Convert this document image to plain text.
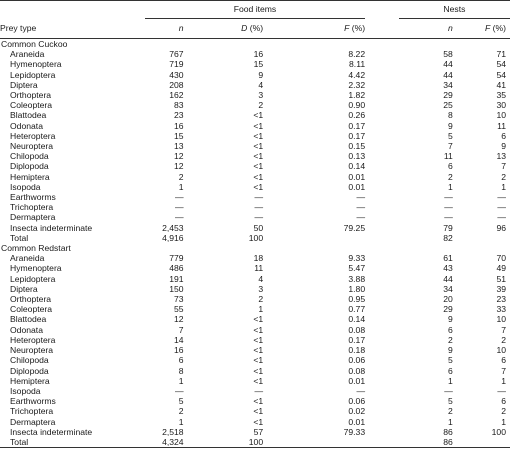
	Food items				Nests	
Prey type	n	D (%)	F (%)		n	F (%)
Common Cuckoo						
Araneida	767	16	8.22		58	71
Hymenoptera	719	15	8.11		44	54
Lepidoptera	430	9	4.42		44	54
Diptera	208	4	2.32		34	41
Orthoptera	162	3	1.82		29	35
Coleoptera	83	2	0.90		25	30
Blattodea	23	<1	0.26		8	10
Odonata	16	<1	0.17		9	11
Heteroptera	15	<1	0.17		5	6
Neuroptera	13	<1	0.15		7	9
Chilopoda	12	<1	0.13		11	13
Diplopoda	12	<1	0.14		6	7
Hemiptera	2	<1	0.01		2	2
Isopoda	1	<1	0.01		1	1
Earthworms	—	—	—		—	—
Trichoptera	—	—	—		—	—
Dermaptera	—	—	—		—	—
Insecta indeterminate	2,453	50	79.25		79	96
Total	4,916	100			82	
Common Redstart						
Araneida	779	18	9.33		61	70
Hymenoptera	486	11	5.47		43	49
Lepidoptera	191	4	3.88		44	51
Diptera	150	3	1.80		34	39
Orthoptera	73	2	0.95		20	23
Coleoptera	55	1	0.77		29	33
Blattodea	12	<1	0.14		9	10
Odonata	7	<1	0.08		6	7
Heteroptera	14	<1	0.17		2	2
Neuroptera	16	<1	0.18		9	10
Chilopoda	6	<1	0.06		5	6
Diplopoda	8	<1	0.08		6	7
Hemiptera	1	<1	0.01		1	1
Isopoda	—	—	—		—	—
Earthworms	5	<1	0.06		5	6
Trichoptera	2	<1	0.02		2	2
Dermaptera	1	<1	0.01		1	1
Insecta indeterminate	2,518	57	79.33		86	100
Total	4,324	100			86	
